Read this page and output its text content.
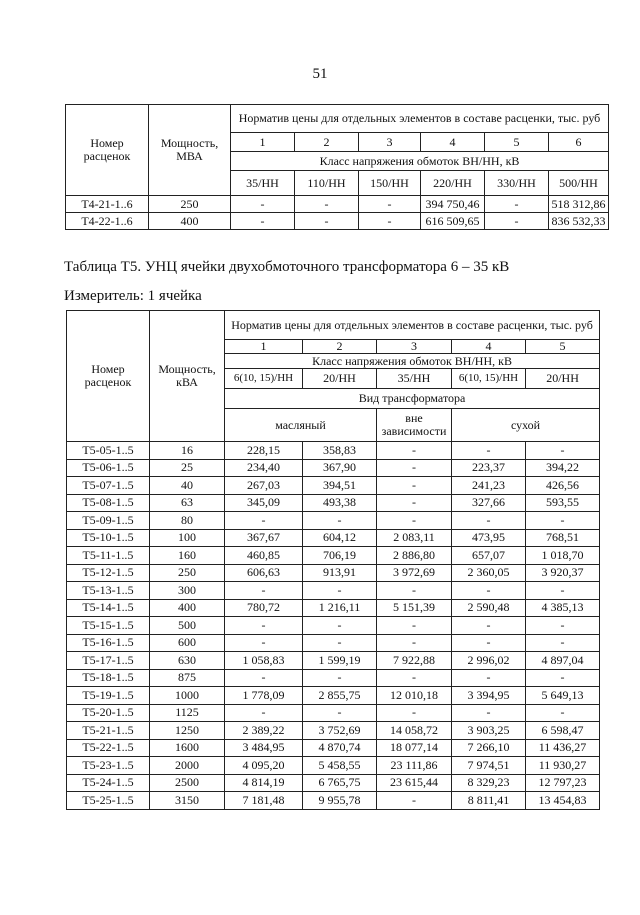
51
Номер расценок	Мощность, МВА	Норматив цены для отдельных элементов в составе расценки, тыс. руб					
		1	2	3	4	5	6
		Класс напряжения обмоток ВН/НН, кВ					
		35/НН	110/НН	150/НН	220/НН	330/НН	500/НН
Т4-21-1..6	250	-	-	-	394 750,46	-	518 312,86
Т4-22-1..6	400	-	-	-	616 509,65	-	836 532,33
Таблица Т5. УНЦ ячейки двухобмоточного трансформатора 6 – 35 кВ
Измеритель: 1 ячейка
Номер расценок	Мощность, кВА	Норматив цены для отдельных элементов в составе расценки, тыс. руб				
		1	2	3	4	5
		Класс напряжения обмоток ВН/НН, кВ				
		6(10, 15)/НН	20/НН	35/НН	6(10, 15)/НН	20/НН
		Вид трансформатора				
		масляный		вне зависимости	сухой	
Т5-05-1..5	16	228,15	358,83	-	-	-
Т5-06-1..5	25	234,40	367,90	-	223,37	394,22
Т5-07-1..5	40	267,03	394,51	-	241,23	426,56
Т5-08-1..5	63	345,09	493,38	-	327,66	593,55
Т5-09-1..5	80	-	-	-	-	-
Т5-10-1..5	100	367,67	604,12	2 083,11	473,95	768,51
Т5-11-1..5	160	460,85	706,19	2 886,80	657,07	1 018,70
Т5-12-1..5	250	606,63	913,91	3 972,69	2 360,05	3 920,37
Т5-13-1..5	300	-	-	-	-	-
Т5-14-1..5	400	780,72	1 216,11	5 151,39	2 590,48	4 385,13
Т5-15-1..5	500	-	-	-	-	-
Т5-16-1..5	600	-	-	-	-	-
Т5-17-1..5	630	1 058,83	1 599,19	7 922,88	2 996,02	4 897,04
Т5-18-1..5	875	-	-	-	-	-
Т5-19-1..5	1000	1 778,09	2 855,75	12 010,18	3 394,95	5 649,13
Т5-20-1..5	1125	-	-	-	-	-
Т5-21-1..5	1250	2 389,22	3 752,69	14 058,72	3 903,25	6 598,47
Т5-22-1..5	1600	3 484,95	4 870,74	18 077,14	7 266,10	11 436,27
Т5-23-1..5	2000	4 095,20	5 458,55	23 111,86	7 974,51	11 930,27
Т5-24-1..5	2500	4 814,19	6 765,75	23 615,44	8 329,23	12 797,23
Т5-25-1..5	3150	7 181,48	9 955,78	-	8 811,41	13 454,83
